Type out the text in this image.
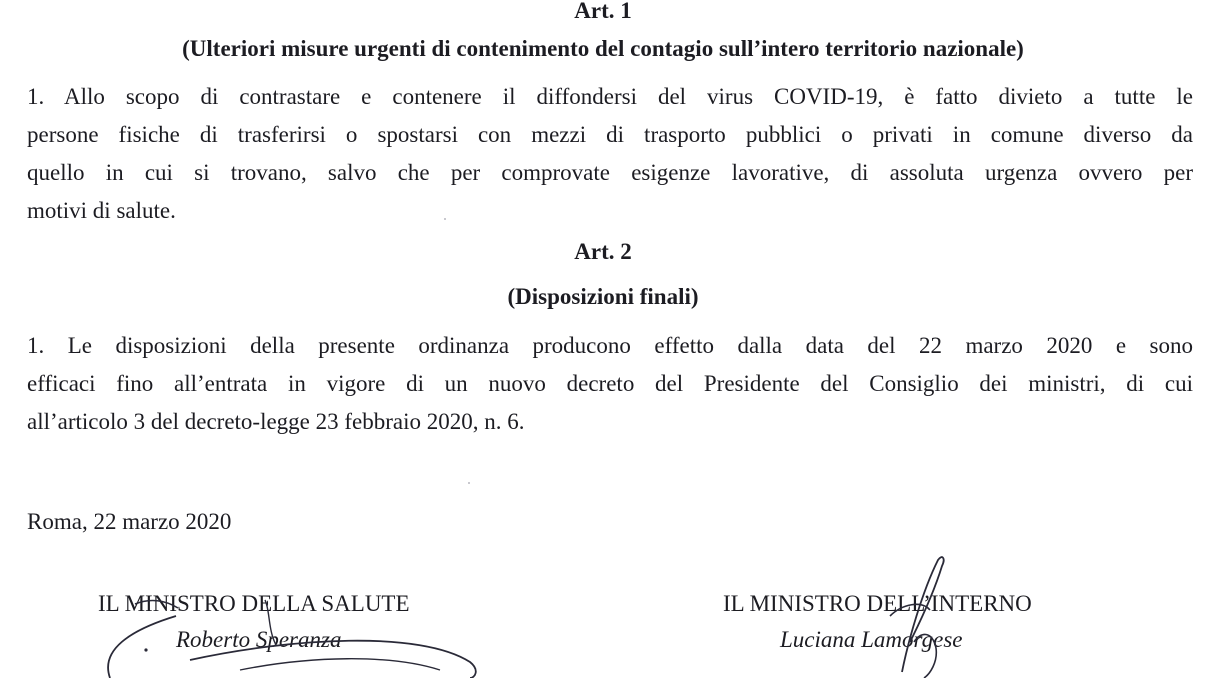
Art. 1
(Ulteriori misure urgenti di contenimento del contagio sull’intero territorio nazionale)
1. Allo scopo di contrastare e contenere il diffondersi del virus COVID-19, è fatto divieto a tutte le
persone fisiche di trasferirsi o spostarsi con mezzi di trasporto pubblici o privati in comune diverso da
quello in cui si trovano, salvo che per comprovate esigenze lavorative, di assoluta urgenza ovvero per
motivi di salute.
Art. 2
(Disposizioni finali)
1. Le disposizioni della presente ordinanza producono effetto dalla data del 22 marzo 2020 e sono
efficaci fino all’entrata in vigore di un nuovo decreto del Presidente del Consiglio dei ministri, di cui
all’articolo 3 del decreto-legge 23 febbraio 2020, n. 6.
Roma, 22 marzo 2020
IL MINISTRO DELLA SALUTE
Roberto Speranza
IL MINISTRO DELL’INTERNO
Luciana Lamorgese
